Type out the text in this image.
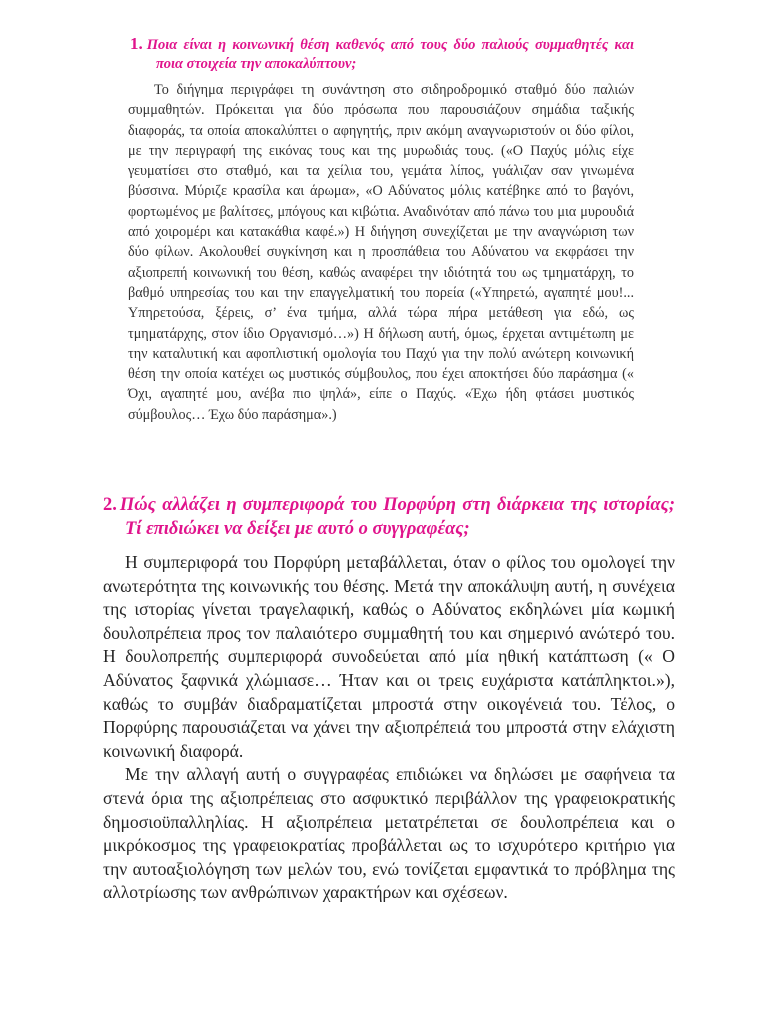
1. Ποια είναι η κοινωνική θέση καθενός από τους δύο παλιούς συμμαθητές και ποια στοιχεία την αποκαλύπτουν;

Το διήγημα περιγράφει τη συνάντηση στο σιδηροδρομικό σταθμό δύο παλιών συμμαθητών. Πρόκειται για δύο πρόσωπα που παρουσιάζουν σημάδια ταξικής διαφοράς, τα οποία αποκαλύπτει ο αφηγητής, πριν ακόμη αναγνωριστούν οι δύο φίλοι, με την περιγραφή της εικόνας τους και της μυρωδιάς τους. («Ο Παχύς μόλις είχε γευματίσει στο σταθμό, και τα χείλια του, γεμάτα λίπος, γυάλιζαν σαν γινωμένα βύσσινα. Μύριζε κρασίλα και άρωμα», «Ο Αδύνατος μόλις κατέβηκε από το βαγόνι, φορτωμένος με βαλίτσες, μπόγους και κιβώτια. Αναδινόταν από πάνω του μια μυρουδιά από χοιρομέρι και κατακάθια καφέ.») Η διήγηση συνεχίζεται με την αναγνώριση των δύο φίλων. Ακολουθεί συγκίνηση και η προσπάθεια του Αδύνατου να εκφράσει την αξιοπρεπή κοινωνική του θέση, καθώς αναφέρει την ιδιότητά του ως τμηματάρχη, το βαθμό υπηρεσίας του και την επαγγελματική του πορεία («Υπηρετώ, αγαπητέ μου!... Υπηρετούσα, ξέρεις, σ’ ένα τμήμα, αλλά τώρα πήρα μετάθεση για εδώ, ως τμηματάρχης, στον ίδιο Οργανισμό…») Η δήλωση αυτή, όμως, έρχεται αντιμέτωπη με την καταλυτική και αφοπλιστική ομολογία του Παχύ για την πολύ ανώτερη κοινωνική θέση την οποία κατέχει ως μυστικός σύμβουλος, που έχει αποκτήσει δύο παράσημα (« Όχι, αγαπητέ μου, ανέβα πιο ψηλά», είπε ο Παχύς. «Έχω ήδη φτάσει μυστικός σύμβουλος… Έχω δύο παράσημα».)

2. Πώς αλλάζει η συμπεριφορά του Πορφύρη στη διάρκεια της ιστορίας; Τί επιδιώκει να δείξει με αυτό ο συγγραφέας;

Η συμπεριφορά του Πορφύρη μεταβάλλεται, όταν ο φίλος του ομολογεί την ανωτερότητα της κοινωνικής του θέσης. Μετά την αποκάλυψη αυτή, η συνέχεια της ιστορίας γίνεται τραγελαφική, καθώς ο Αδύνατος εκδηλώνει μία κωμική δουλοπρέπεια προς τον παλαιότερο συμμαθητή του και σημερινό ανώτερό του. Η δουλοπρεπής συμπεριφορά συνοδεύεται από μία ηθική κατάπτωση (« Ο Αδύνατος ξαφνικά χλώμιασε… Ήταν και οι τρεις ευχάριστα κατάπληκτοι.»), καθώς το συμβάν διαδραματίζεται μπροστά στην οικογένειά του. Τέλος, ο Πορφύρης παρουσιάζεται να χάνει την αξιοπρέπειά του μπροστά στην ελάχιστη κοινωνική διαφορά.

Με την αλλαγή αυτή ο συγγραφέας επιδιώκει να δηλώσει με σαφήνεια τα στενά όρια της αξιοπρέπειας στο ασφυκτικό περιβάλλον της γραφειοκρατικής δημοσιοϋπαλληλίας. Η αξιοπρέπεια μετατρέπεται σε δουλοπρέπεια και ο μικρόκοσμος της γραφειοκρατίας προβάλλεται ως το ισχυρότερο κριτήριο για την αυτοαξιολόγηση των μελών του, ενώ τονίζεται εμφαντικά το πρόβλημα της αλλοτρίωσης των ανθρώπινων χαρακτήρων και σχέσεων.
